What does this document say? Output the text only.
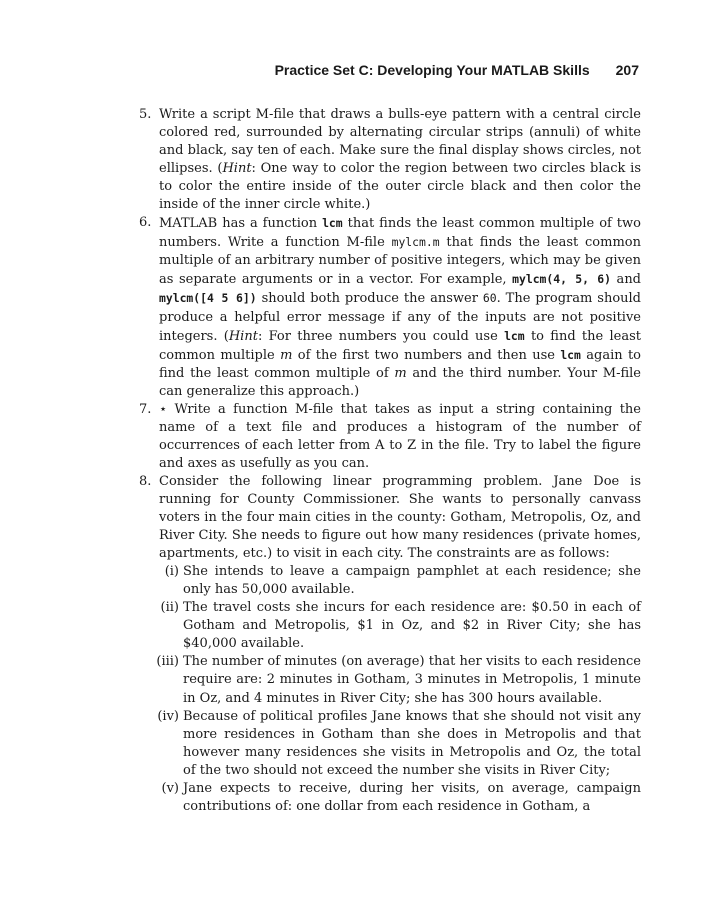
Practice Set C: Developing Your MATLAB Skills 207
5. Write a script M-file that draws a bulls-eye pattern with a central circle colored red, surrounded by alternating circular strips (annuli) of white and black, say ten of each. Make sure the final display shows circles, not ellipses. (Hint: One way to color the region between two circles black is to color the entire inside of the outer circle black and then color the inside of the inner circle white.)
6. MATLAB has a function lcm that finds the least common multiple of two numbers. Write a function M-file mylcm.m that finds the least common multiple of an arbitrary number of positive integers, which may be given as separate arguments or in a vector. For example, mylcm(4, 5, 6) and mylcm([4 5 6]) should both produce the answer 60. The program should produce a helpful error message if any of the inputs are not positive integers. (Hint: For three numbers you could use lcm to find the least common multiple m of the first two numbers and then use lcm again to find the least common multiple of m and the third number. Your M-file can generalize this approach.)
7. ⋆ Write a function M-file that takes as input a string containing the name of a text file and produces a histogram of the number of occurrences of each letter from A to Z in the file. Try to label the figure and axes as usefully as you can.
8. Consider the following linear programming problem. Jane Doe is running for County Commissioner. She wants to personally canvass voters in the four main cities in the county: Gotham, Metropolis, Oz, and River City. She needs to figure out how many residences (private homes, apartments, etc.) to visit in each city. The constraints are as follows:
(i) She intends to leave a campaign pamphlet at each residence; she only has 50,000 available.
(ii) The travel costs she incurs for each residence are: $0.50 in each of Gotham and Metropolis, $1 in Oz, and $2 in River City; she has $40,000 available.
(iii) The number of minutes (on average) that her visits to each residence require are: 2 minutes in Gotham, 3 minutes in Metropolis, 1 minute in Oz, and 4 minutes in River City; she has 300 hours available.
(iv) Because of political profiles Jane knows that she should not visit any more residences in Gotham than she does in Metropolis and that however many residences she visits in Metropolis and Oz, the total of the two should not exceed the number she visits in River City;
(v) Jane expects to receive, during her visits, on average, campaign contributions of: one dollar from each residence in Gotham, a
